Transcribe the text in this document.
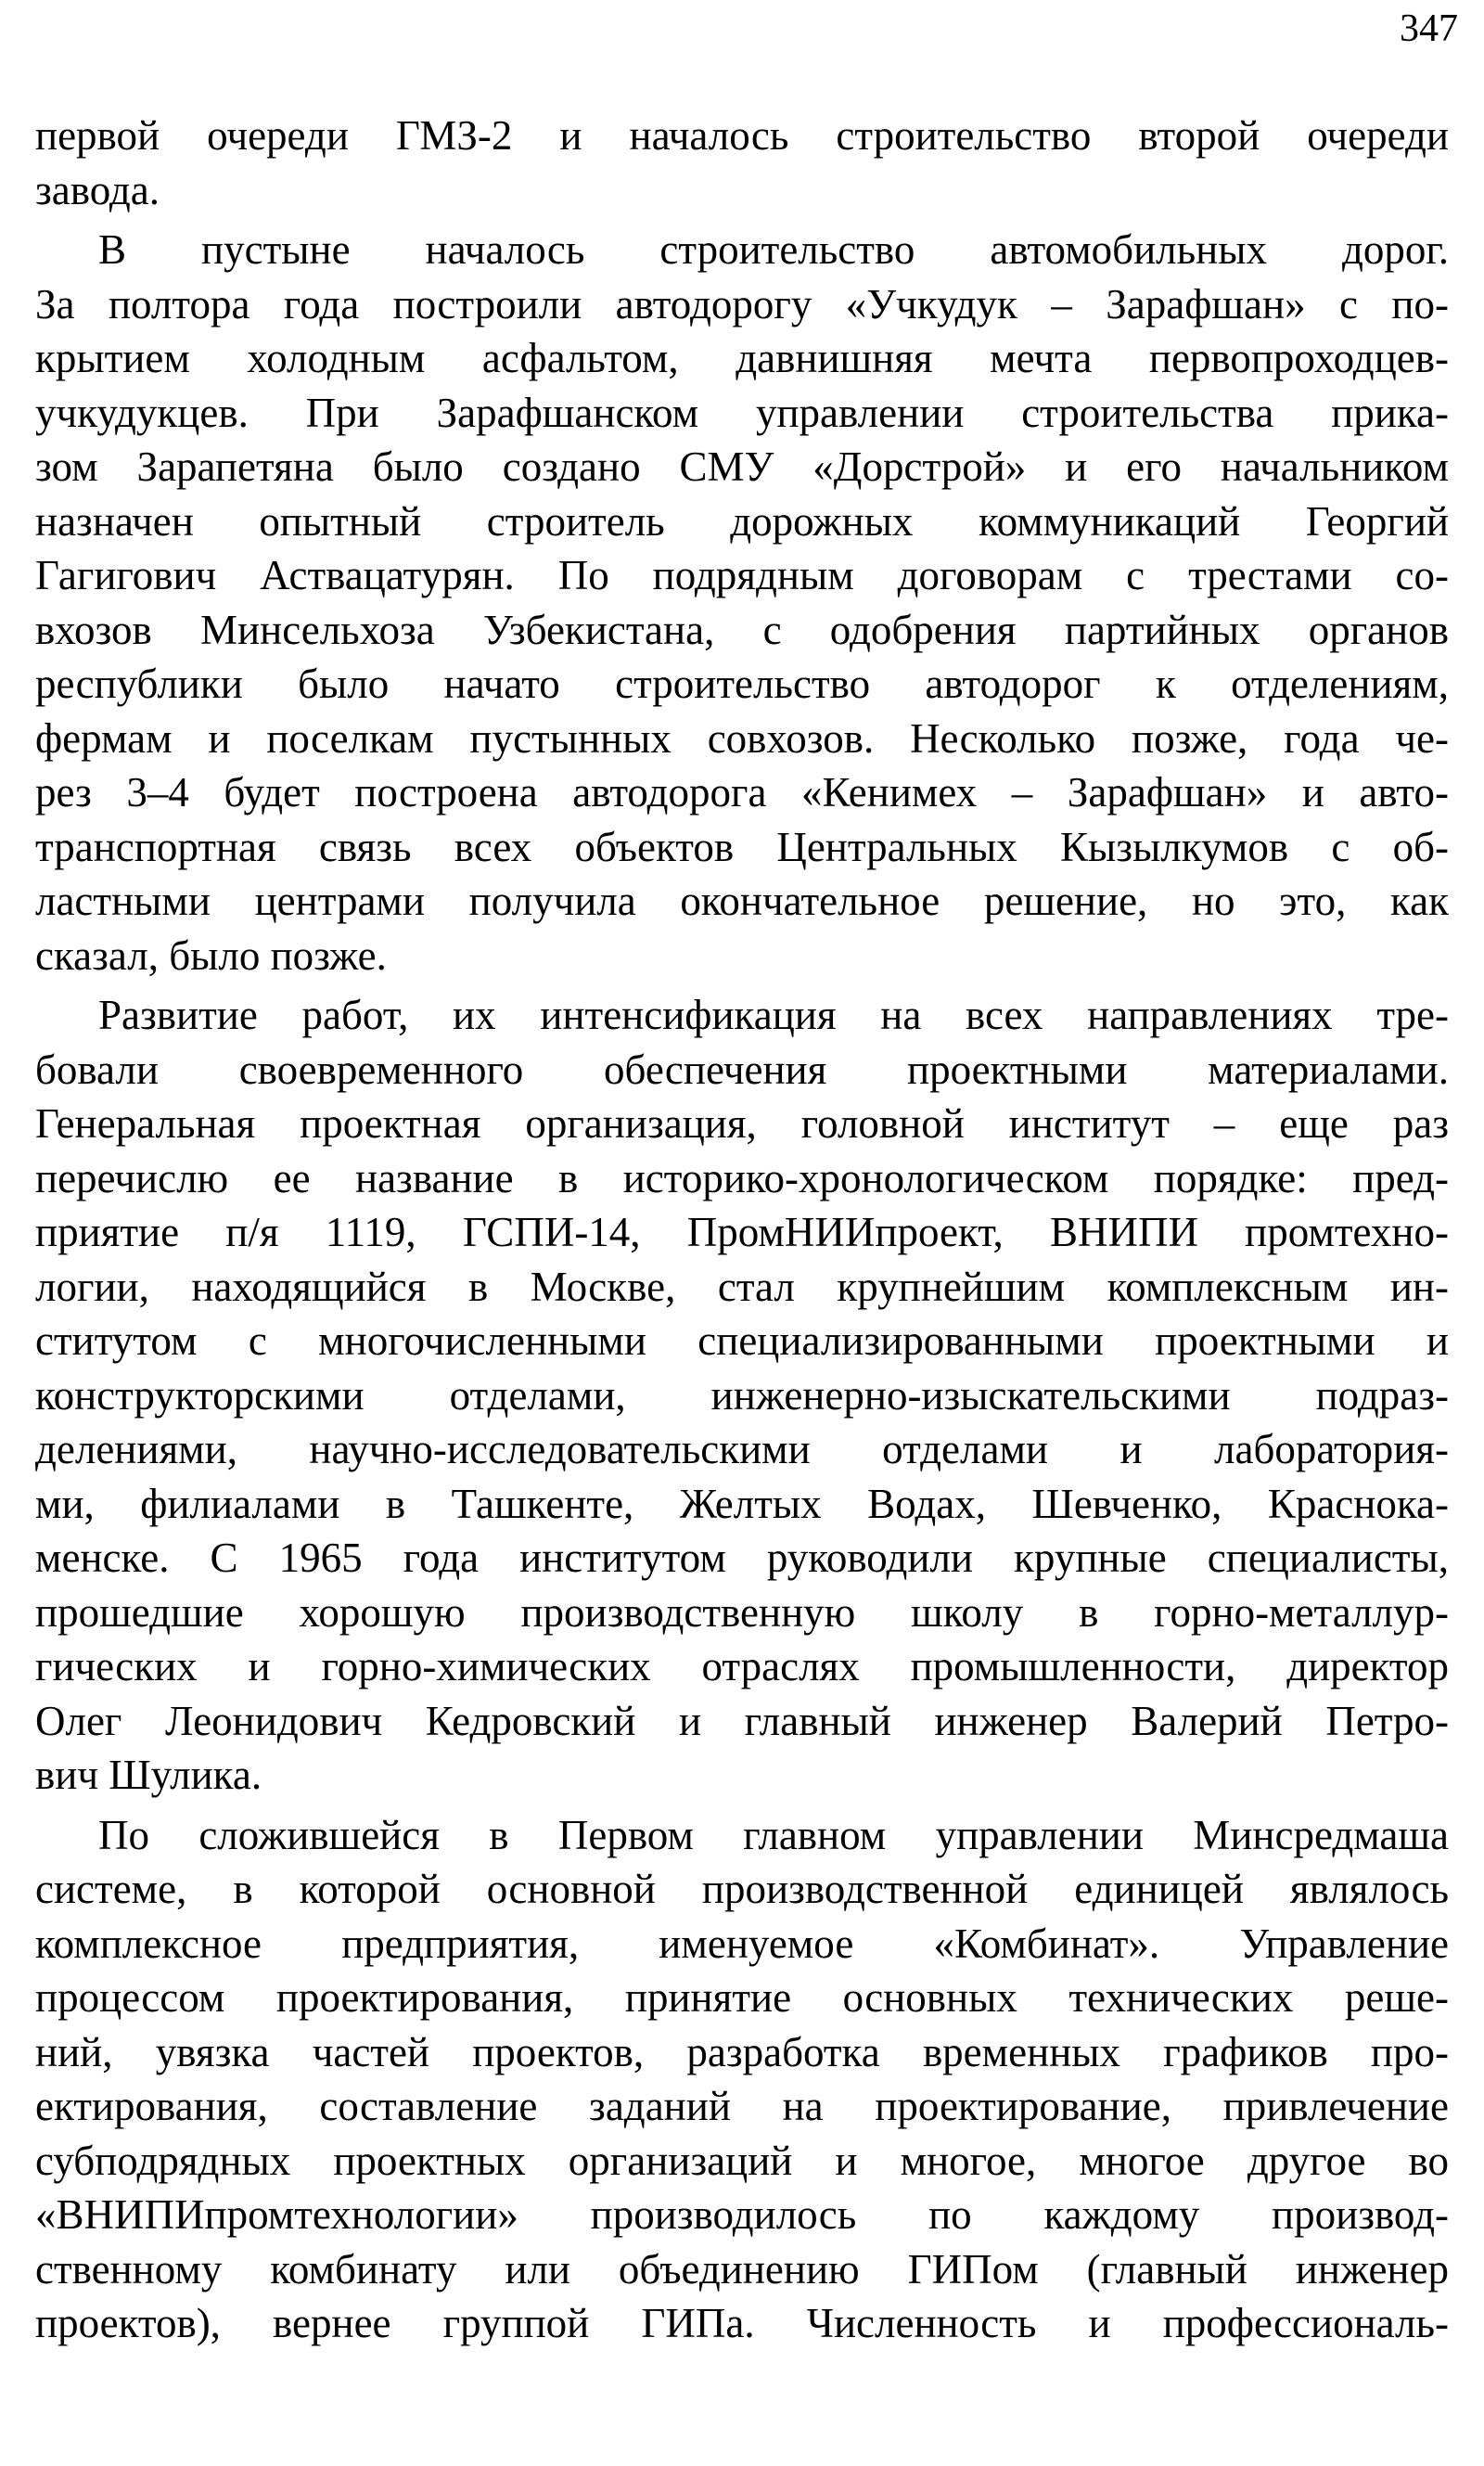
347
первой очереди ГМЗ-2 и началось строительство второй очереди
завода.
В пустыне началось строительство автомобильных дорог.
За полтора года построили автодорогу «Учкудук – Зарафшан» с по-
крытием холодным асфальтом, давнишняя мечта первопроходцев-
учкудукцев. При Зарафшанском управлении строительства прика-
зом Зарапетяна было создано СМУ «Дорстрой» и его начальником
назначен опытный строитель дорожных коммуникаций Георгий
Гагигович Аствацатурян. По подрядным договорам с трестами со-
вхозов Минсельхоза Узбекистана, с одобрения партийных органов
республики было начато строительство автодорог к отделениям,
фермам и поселкам пустынных совхозов. Несколько позже, года че-
рез 3–4 будет построена автодорога «Кенимех – Зарафшан» и авто-
транспортная связь всех объектов Центральных Кызылкумов с об-
ластными центрами получила окончательное решение, но это, как
сказал, было позже.
Развитие работ, их интенсификация на всех направлениях тре-
бовали своевременного обеспечения проектными материалами.
Генеральная проектная организация, головной институт – еще раз
перечислю ее название в историко-хронологическом порядке: пред-
приятие п/я 1119, ГСПИ-14, ПромНИИпроект, ВНИПИ промтехно-
логии, находящийся в Москве, стал крупнейшим комплексным ин-
ститутом с многочисленными специализированными проектными и
конструкторскими отделами, инженерно-изыскательскими подраз-
делениями, научно-исследовательскими отделами и лаборатория-
ми, филиалами в Ташкенте, Желтых Водах, Шевченко, Краснока-
менске. С 1965 года институтом руководили крупные специалисты,
прошедшие хорошую производственную школу в горно-металлур-
гических и горно-химических отраслях промышленности, директор
Олег Леонидович Кедровский и главный инженер Валерий Петро-
вич Шулика.
По сложившейся в Первом главном управлении Минсредмаша
системе, в которой основной производственной единицей являлось
комплексное предприятия, именуемое «Комбинат». Управление
процессом проектирования, принятие основных технических реше-
ний, увязка частей проектов, разработка временных графиков про-
ектирования, составление заданий на проектирование, привлечение
субподрядных проектных организаций и многое, многое другое во
«ВНИПИпромтехнологии» производилось по каждому производ-
ственному комбинату или объединению ГИПом (главный инженер
проектов), вернее группой ГИПа. Численность и профессиональ-
